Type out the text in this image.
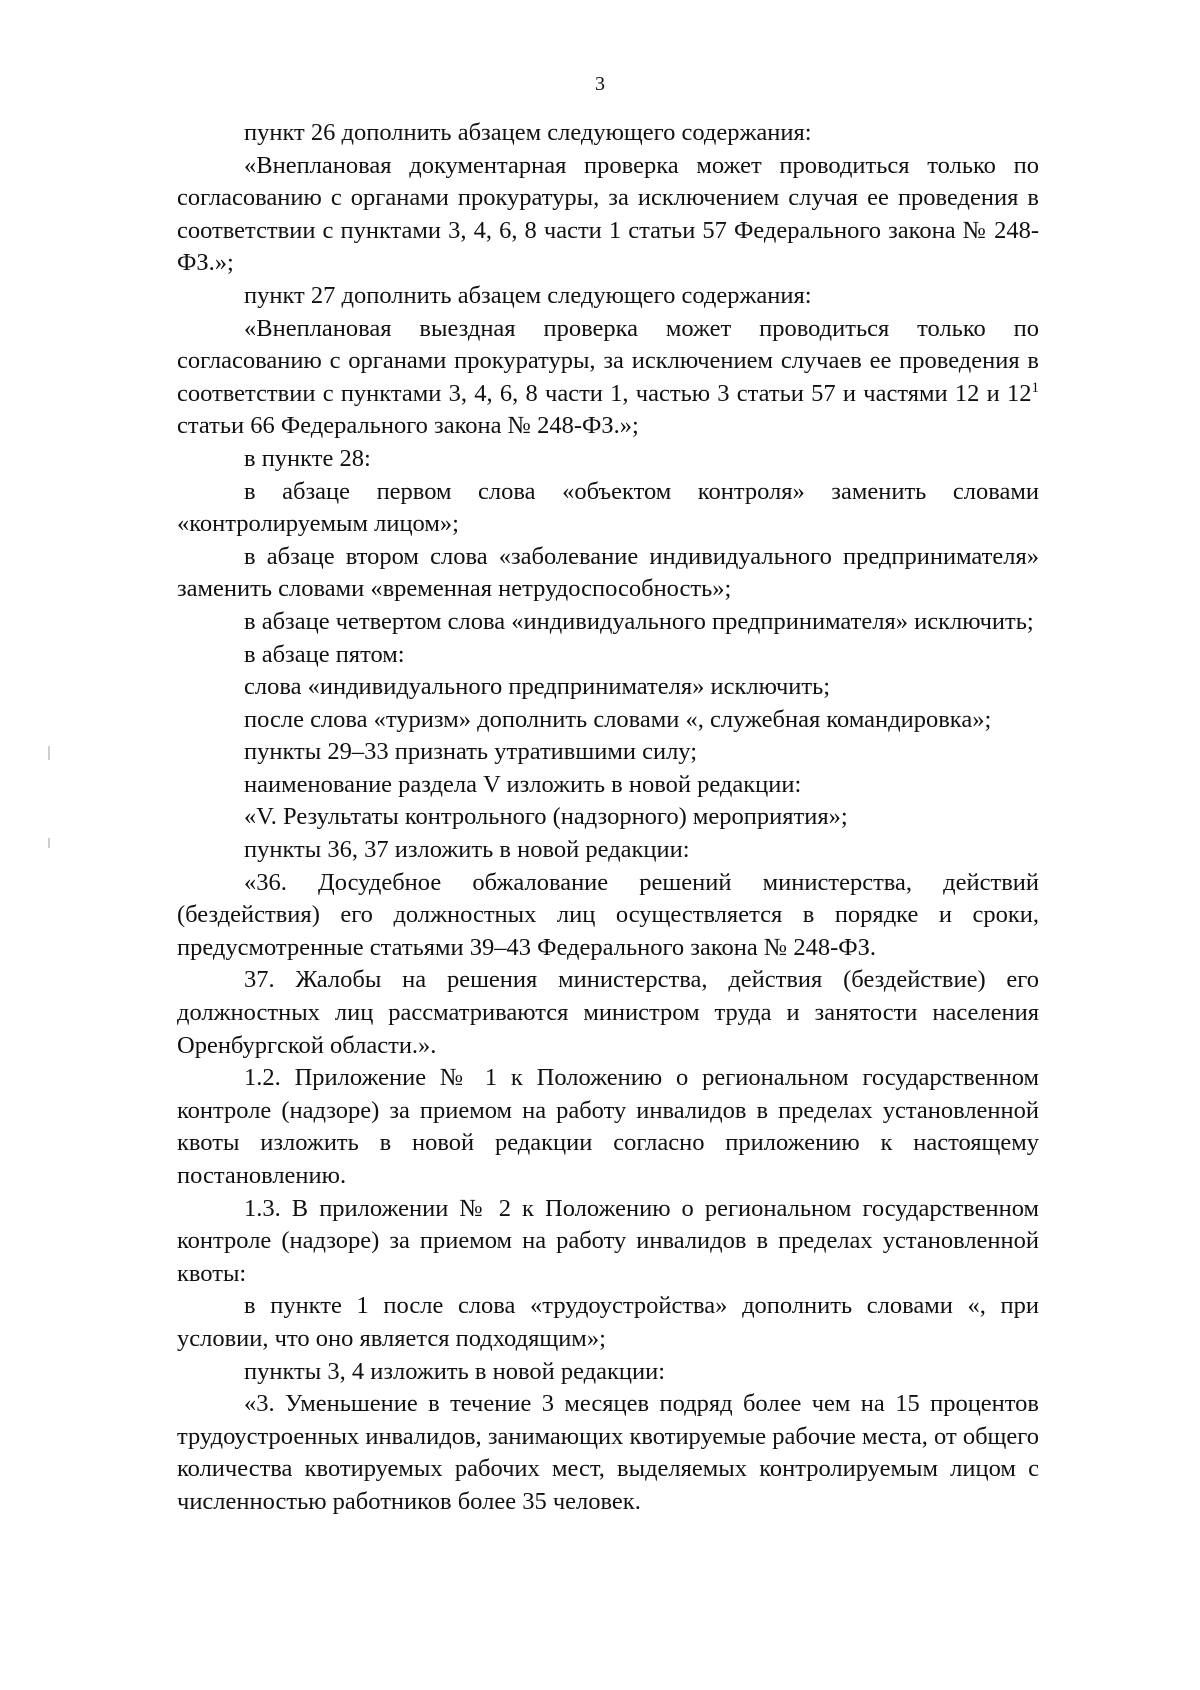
3

пункт 26 дополнить абзацем следующего содержания:

«Внеплановая документарная проверка может проводиться только по согласованию с органами прокуратуры, за исключением случая ее проведения в соответствии с пунктами 3, 4, 6, 8 части 1 статьи 57 Федерального закона № 248-ФЗ.»;

пункт 27 дополнить абзацем следующего содержания:

«Внеплановая выездная проверка может проводиться только по согласованию с органами прокуратуры, за исключением случаев ее проведения в соответствии с пунктами 3, 4, 6, 8 части 1, частью 3 статьи 57 и частями 12 и $12^1$ статьи 66 Федерального закона № 248-ФЗ.»;

в пункте 28:

в абзаце первом слова «объектом контроля» заменить словами «контролируемым лицом»;

в абзаце втором слова «заболевание индивидуального предпринимателя» заменить словами «временная нетрудоспособность»;

в абзаце четвертом слова «индивидуального предпринимателя» исключить;

в абзаце пятом:

слова «индивидуального предпринимателя» исключить;

после слова «туризм» дополнить словами «, служебная командировка»;

пункты 29–33 признать утратившими силу;

наименование раздела V изложить в новой редакции:

«V. Результаты контрольного (надзорного) мероприятия»;

пункты 36, 37 изложить в новой редакции:

«36. Досудебное обжалование решений министерства, действий (бездействия) его должностных лиц осуществляется в порядке и сроки, предусмотренные статьями 39–43 Федерального закона № 248-ФЗ.

37. Жалобы на решения министерства, действия (бездействие) его должностных лиц рассматриваются министром труда и занятости населения Оренбургской области.».

1.2. Приложение № 1 к Положению о региональном государственном контроле (надзоре) за приемом на работу инвалидов в пределах установленной квоты изложить в новой редакции согласно приложению к настоящему постановлению.

1.3. В приложении № 2 к Положению о региональном государственном контроле (надзоре) за приемом на работу инвалидов в пределах установленной квоты:

в пункте 1 после слова «трудоустройства» дополнить словами «, при условии, что оно является подходящим»;

пункты 3, 4 изложить в новой редакции:

«3. Уменьшение в течение 3 месяцев подряд более чем на 15 процентов трудоустроенных инвалидов, занимающих квотируемые рабочие места, от общего количества квотируемых рабочих мест, выделяемых контролируемым лицом с численностью работников более 35 человек.
